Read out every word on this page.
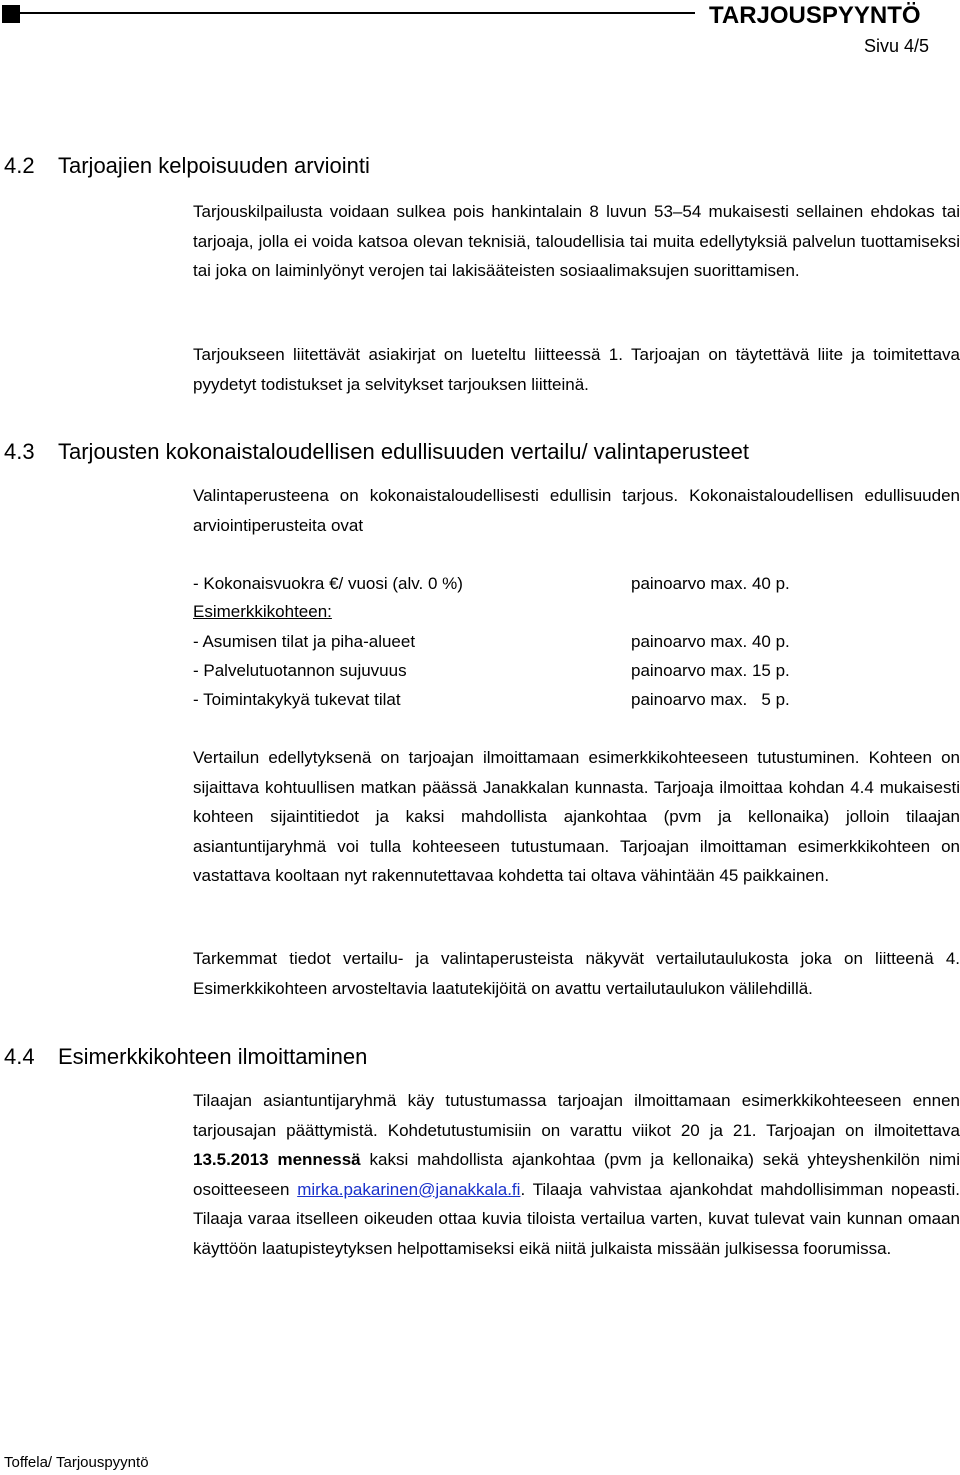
TARJOUSPYYNTÖ
Sivu 4/5
4.2 Tarjoajien kelpoisuuden arviointi

Tarjouskilpailusta voidaan sulkea pois hankintalain 8 luvun 53–54 mukaisesti sellainen ehdokas tai tarjoaja, jolla ei voida katsoa olevan teknisiä, taloudellisia tai muita edellytyksiä palvelun tuottamiseksi tai joka on laiminlyönyt verojen tai lakisääteisten sosiaalimaksujen suorittamisen.

Tarjoukseen liitettävät asiakirjat on lueteltu liitteessä 1. Tarjoajan on täytettävä liite ja toimitettava pyydetyt todistukset ja selvitykset tarjouksen liitteinä.

4.3 Tarjousten kokonaistaloudellisen edullisuuden vertailu/ valintaperusteet

Valintaperusteena on kokonaistaloudellisesti edullisin tarjous. Kokonaistaloudellisen edullisuuden arviointiperusteita ovat

- Kokonaisvuokra €/ vuosi (alv. 0 %)	painoarvo max. 40 p.
Esimerkkikohteen:
- Asumisen tilat ja piha-alueet	painoarvo max. 40 p.
- Palvelutuotannon sujuvuus	painoarvo max. 15 p.
- Toimintakykyä tukevat tilat	painoarvo max.   5 p.

Vertailun edellytyksenä on tarjoajan ilmoittamaan esimerkkikohteeseen tutustuminen. Kohteen on sijaittava kohtuullisen matkan päässä Janakkalan kunnasta. Tarjoaja ilmoittaa kohdan 4.4 mukaisesti kohteen sijaintitiedot ja kaksi mahdollista ajankohtaa (pvm ja kellonaika) jolloin tilaajan asiantuntijaryhmä voi tulla kohteeseen tutustumaan. Tarjoajan ilmoittaman esimerkkikohteen on vastattava kooltaan nyt rakennutettavaa kohdetta tai oltava vähintään 45 paikkainen.

Tarkemmat tiedot vertailu- ja valintaperusteista näkyvät vertailutaulukosta joka on liitteenä 4. Esimerkkikohteen arvosteltavia laatutekijöitä on avattu vertailutaulukon välilehdillä.

4.4 Esimerkkikohteen ilmoittaminen

Tilaajan asiantuntijaryhmä käy tutustumassa tarjoajan ilmoittamaan esimerkkikohteeseen ennen tarjousajan päättymistä. Kohdetutustumisiin on varattu viikot 20 ja 21. Tarjoajan on ilmoitettava 13.5.2013 mennessä kaksi mahdollista ajankohtaa (pvm ja kellonaika) sekä yhteyshenkilön nimi osoitteeseen mirka.pakarinen@janakkala.fi. Tilaaja vahvistaa ajankohdat mahdollisimman nopeasti. Tilaaja varaa itselleen oikeuden ottaa kuvia tiloista vertailua varten, kuvat tulevat vain kunnan omaan käyttöön laatupisteytyksen helpottamiseksi eikä niitä julkaista missään julkisessa foorumissa.

Toffela/ Tarjouspyyntö
